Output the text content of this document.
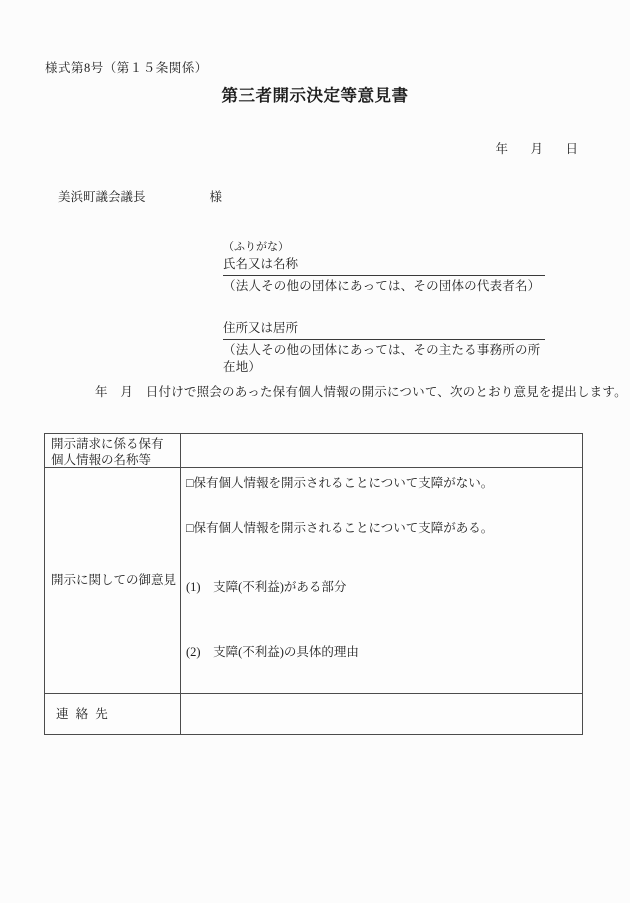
様式第8号（第１５条関係）
第三者開示決定等意見書
年　月　日
美浜町議会議長	様
（ふりがな）
氏名又は名称
（法人その他の団体にあっては、その団体の代表者名）
住所又は居所
（法人その他の団体にあっては、その主たる事務所の所在地）
年　月　日付けで照会のあった保有個人情報の開示について、次のとおり意見を提出します。
開示請求に係る保有個人情報の名称等
開示に関しての御意見
□保有個人情報を開示されることについて支障がない。
□保有個人情報を開示されることについて支障がある。
(1)　支障(不利益)がある部分
(2)　支障(不利益)の具体的理由
連 絡 先
